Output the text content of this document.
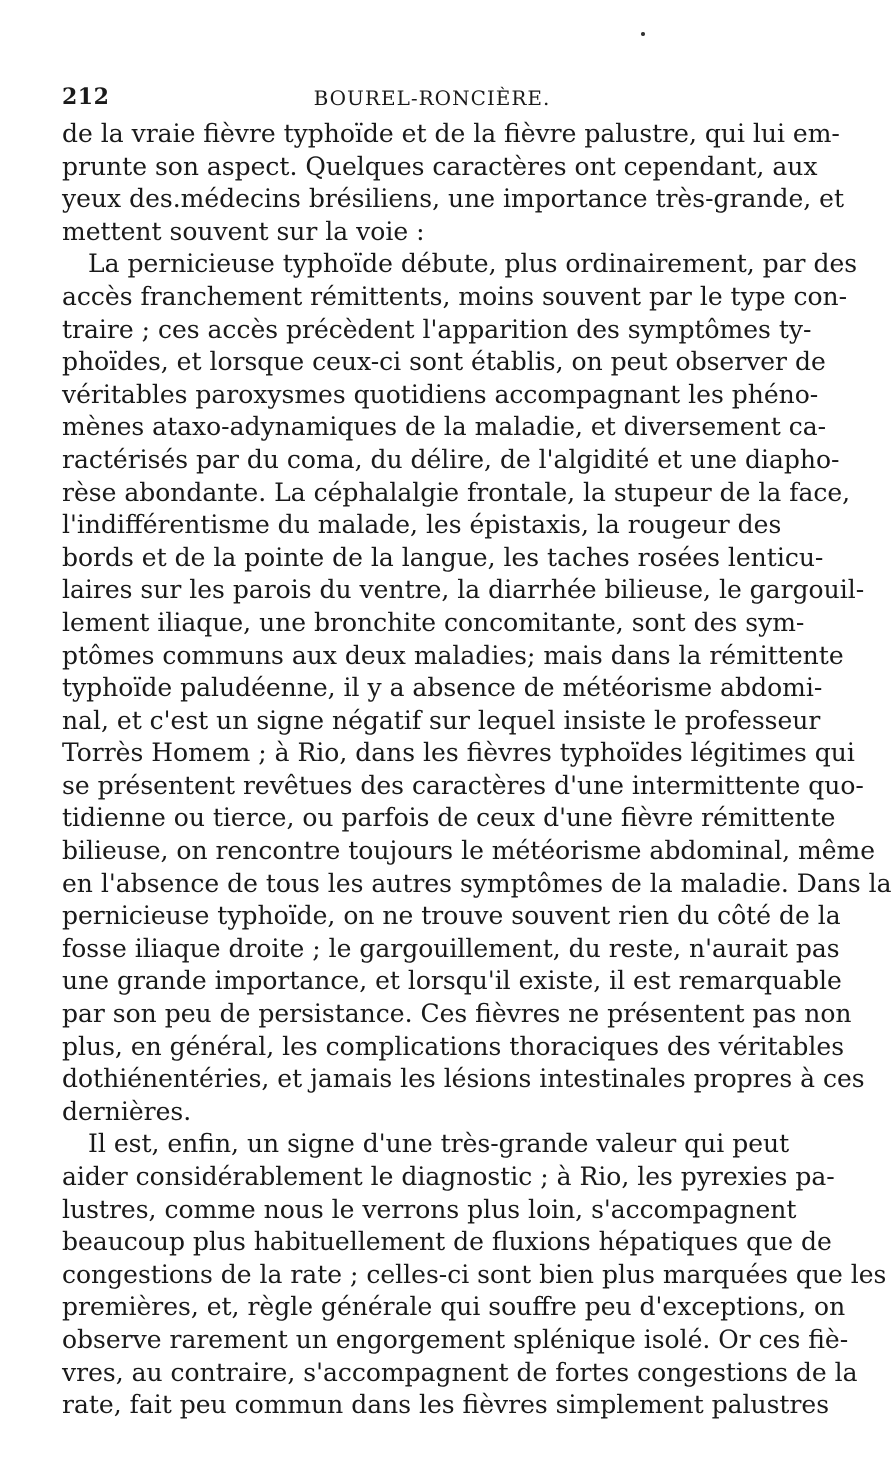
212	BOUREL-RONCIÈRE.
de la vraie fièvre typhoïde et de la fièvre palustre, qui lui em-
prunte son aspect. Quelques caractères ont cependant, aux
yeux des.médecins brésiliens, une importance très-grande, et
mettent souvent sur la voie :
La pernicieuse typhoïde débute, plus ordinairement, par des
accès franchement rémittents, moins souvent par le type con-
traire ; ces accès précèdent l'apparition des symptômes ty-
phoïdes, et lorsque ceux-ci sont établis, on peut observer de
véritables paroxysmes quotidiens accompagnant les phéno-
mènes ataxo-adynamiques de la maladie, et diversement ca-
ractérisés par du coma, du délire, de l'algidité et une diapho-
rèse abondante. La céphalalgie frontale, la stupeur de la face,
l'indifférentisme du malade, les épistaxis, la rougeur des
bords et de la pointe de la langue, les taches rosées lenticu-
laires sur les parois du ventre, la diarrhée bilieuse, le gargouil-
lement iliaque, une bronchite concomitante, sont des sym-
ptômes communs aux deux maladies; mais dans la rémittente
typhoïde paludéenne, il y a absence de météorisme abdomi-
nal, et c'est un signe négatif sur lequel insiste le professeur
Torrès Homem ; à Rio, dans les fièvres typhoïdes légitimes qui
se présentent revêtues des caractères d'une intermittente quo-
tidienne ou tierce, ou parfois de ceux d'une fièvre rémittente
bilieuse, on rencontre toujours le météorisme abdominal, même
en l'absence de tous les autres symptômes de la maladie. Dans la
pernicieuse typhoïde, on ne trouve souvent rien du côté de la
fosse iliaque droite ; le gargouillement, du reste, n'aurait pas
une grande importance, et lorsqu'il existe, il est remarquable
par son peu de persistance. Ces fièvres ne présentent pas non
plus, en général, les complications thoraciques des véritables
dothiénentéries, et jamais les lésions intestinales propres à ces
dernières.
Il est, enfin, un signe d'une très-grande valeur qui peut
aider considérablement le diagnostic ; à Rio, les pyrexies pa-
lustres, comme nous le verrons plus loin, s'accompagnent
beaucoup plus habituellement de fluxions hépatiques que de
congestions de la rate ; celles-ci sont bien plus marquées que les
premières, et, règle générale qui souffre peu d'exceptions, on
observe rarement un engorgement splénique isolé. Or ces fiè-
vres, au contraire, s'accompagnent de fortes congestions de la
rate, fait peu commun dans les fièvres simplement palustres
